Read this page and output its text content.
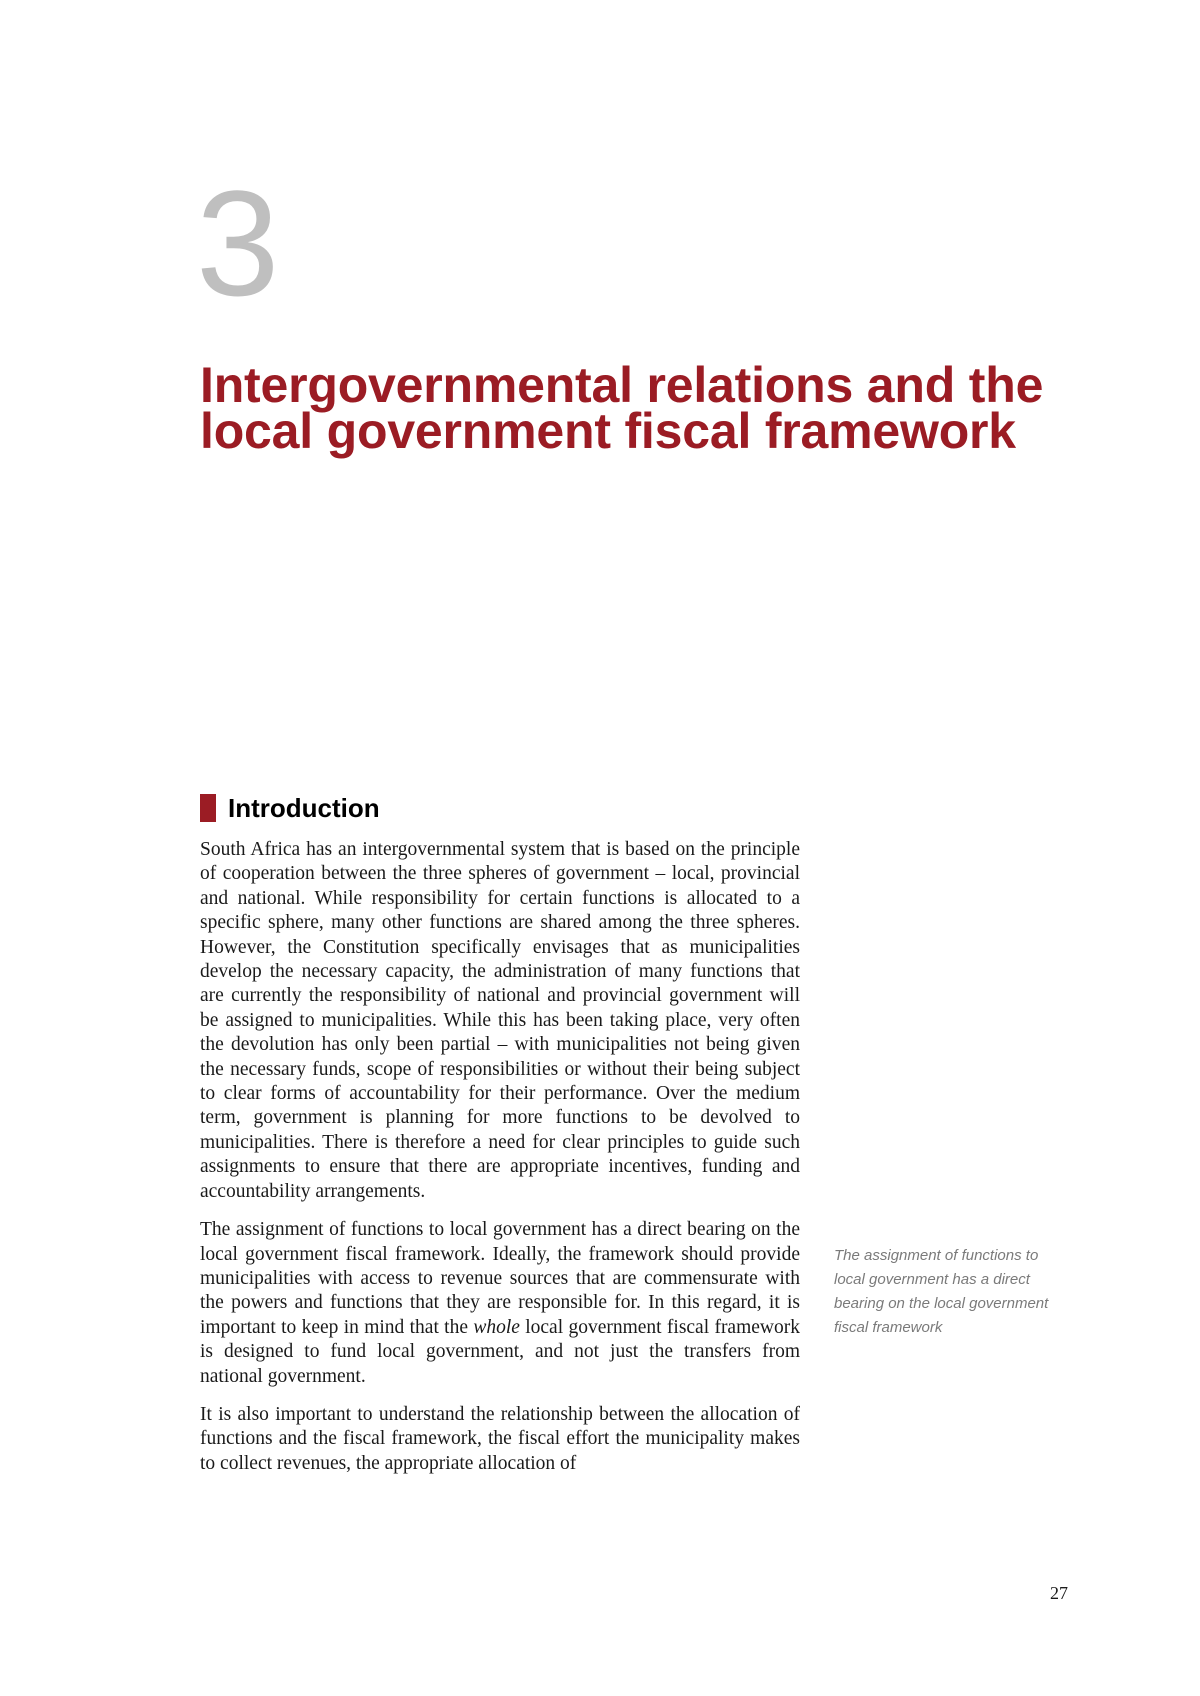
3
Intergovernmental relations and the local government fiscal framework
Introduction

South Africa has an intergovernmental system that is based on the principle of cooperation between the three spheres of government – local, provincial and national. While responsibility for certain functions is allocated to a specific sphere, many other functions are shared among the three spheres. However, the Constitution specifically envisages that as municipalities develop the necessary capacity, the administration of many functions that are currently the responsibility of national and provincial government will be assigned to municipalities. While this has been taking place, very often the devolution has only been partial – with municipalities not being given the necessary funds, scope of responsibilities or without their being subject to clear forms of accountability for their performance. Over the medium term, government is planning for more functions to be devolved to municipalities. There is therefore a need for clear principles to guide such assignments to ensure that there are appropriate incentives, funding and accountability arrangements.

The assignment of functions to local government has a direct bearing on the local government fiscal framework. Ideally, the framework should provide municipalities with access to revenue sources that are commensurate with the powers and functions that they are responsible for. In this regard, it is important to keep in mind that the whole local government fiscal framework is designed to fund local government, and not just the transfers from national government.

It is also important to understand the relationship between the allocation of functions and the fiscal framework, the fiscal effort the municipality makes to collect revenues, the appropriate allocation of

The assignment of functions to local government has a direct bearing on the local government fiscal framework

27
